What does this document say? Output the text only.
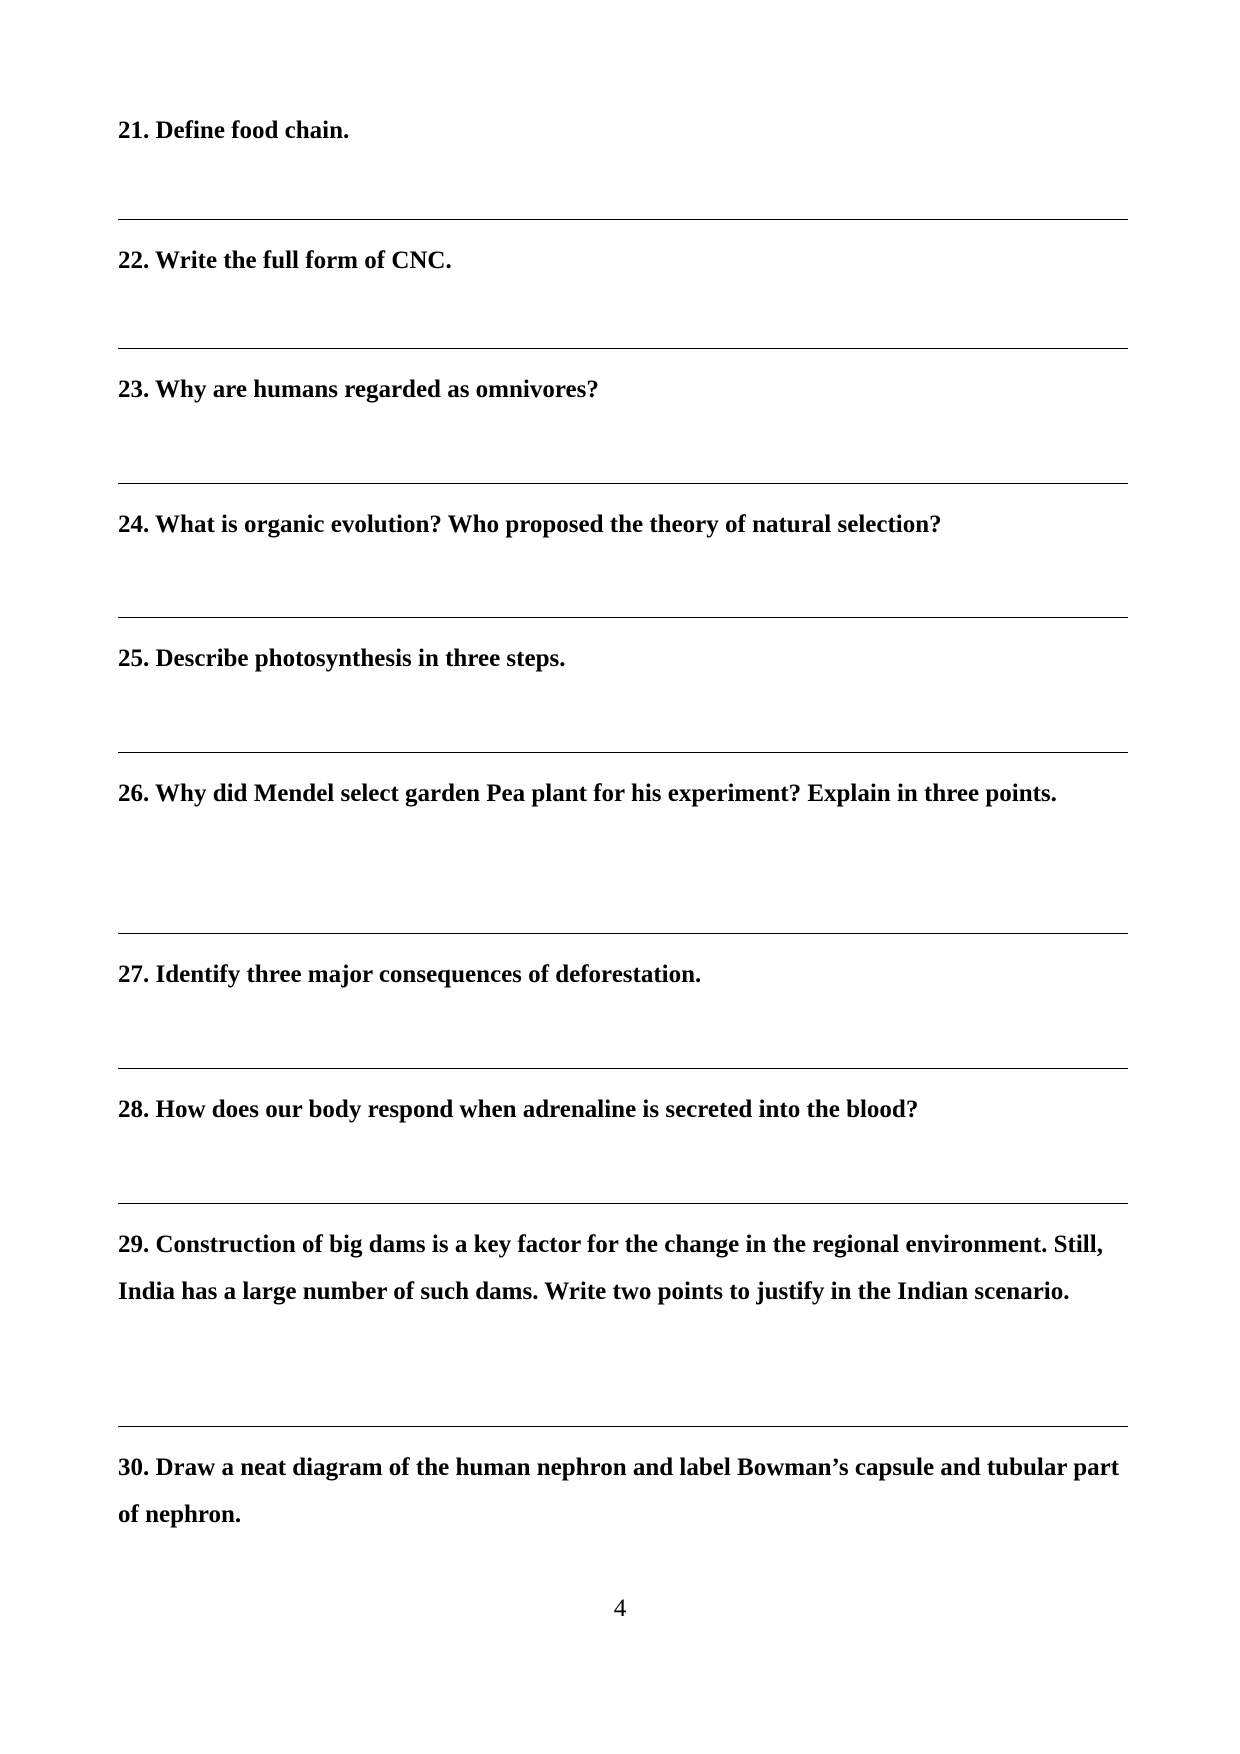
21. Define food chain.

22. Write the full form of CNC.

23. Why are humans regarded as omnivores?

24. What is organic evolution? Who proposed the theory of natural selection?

25. Describe photosynthesis in three steps.

26. Why did Mendel select garden Pea plant for his experiment? Explain in three points.

27. Identify three major consequences of deforestation.

28. How does our body respond when adrenaline is secreted into the blood?

29. Construction of big dams is a key factor for the change in the regional environment. Still, India has a large number of such dams. Write two points to justify in the Indian scenario.

30. Draw a neat diagram of the human nephron and label Bowman’s capsule and tubular part of nephron.

4
